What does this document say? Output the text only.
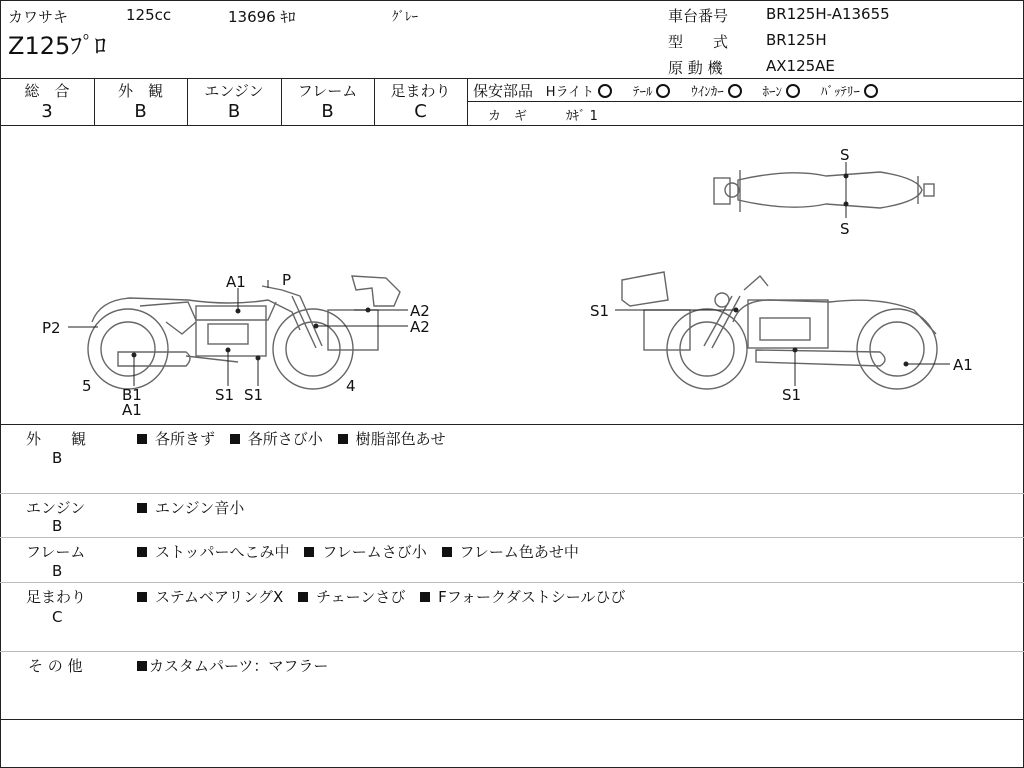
カワサキ	125cc	13696 ｷﾛ	ｸﾞﾚｰ
Z125ﾌﾟﾛ
車台番号	BR125H-A13655
型　　式	BR125H
原 動 機	AX125AE
総　合
3
外　観
B
エンジン
B
フレーム
B
足まわり
C
保安部品 Hライト	ﾃｰﾙ	ｳｲﾝｶｰ	ﾎｰﾝ	ﾊﾞｯﾃﾘｰ
カ　ギ	ｶｷﾞ 1
A1 P
A2
A2
P2
5 B1
A1
S1 S1	4
S1
A1
S1
S
S
外　　観
B
各所きず 各所さび小 樹脂部色あせ
エンジン
B
エンジン音小
フレーム
B
ストッパーへこみ中 フレームさび小 フレーム色あせ中
足まわり
C
ステムベアリングX チェーンさび Fフォークダストシールひび
そ の 他	カスタムパーツ：マフラー
